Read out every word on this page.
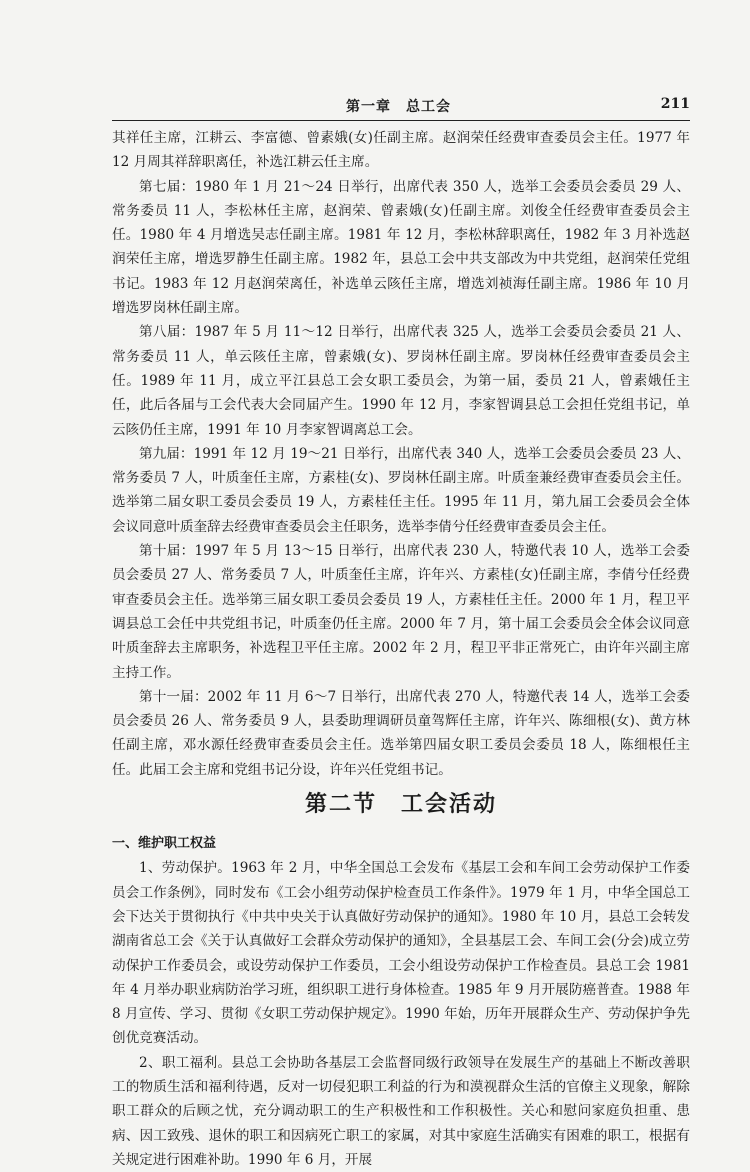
第一章　总工会	211

其祥任主席，江耕云、李富德、曾素娥(女)任副主席。赵润荣任经费审查委员会主任。1977 年 12 月周其祥辞职离任，补选江耕云任主席。

第七届：1980 年 1 月 21～24 日举行，出席代表 350 人，选举工会委员会委员 29 人、常务委员 11 人，李松林任主席，赵润荣、曾素娥(女)任副主席。刘俊全任经费审查委员会主任。1980 年 4 月增选吴志任副主席。1981 年 12 月，李松林辞职离任，1982 年 3 月补选赵润荣任主席，增选罗静生任副主席。1982 年，县总工会中共支部改为中共党组，赵润荣任党组书记。1983 年 12 月赵润荣离任，补选单云陔任主席，增选刘祯海任副主席。1986 年 10 月增选罗岗林任副主席。

第八届：1987 年 5 月 11～12 日举行，出席代表 325 人，选举工会委员会委员 21 人、常务委员 11 人，单云陔任主席，曾素娥(女)、罗岗林任副主席。罗岗林任经费审查委员会主任。1989 年 11 月，成立平江县总工会女职工委员会，为第一届，委员 21 人，曾素娥任主任，此后各届与工会代表大会同届产生。1990 年 12 月，李家智调县总工会担任党组书记，单云陔仍任主席，1991 年 10 月李家智调离总工会。

第九届：1991 年 12 月 19～21 日举行，出席代表 340 人，选举工会委员会委员 23 人、常务委员 7 人，叶质奎任主席，方素桂(女)、罗岗林任副主席。叶质奎兼经费审查委员会主任。选举第二届女职工委员会委员 19 人，方素桂任主任。1995 年 11 月，第九届工会委员会全体会议同意叶质奎辞去经费审查委员会主任职务，选举李倩兮任经费审查委员会主任。

第十届：1997 年 5 月 13～15 日举行，出席代表 230 人，特邀代表 10 人，选举工会委员会委员 27 人、常务委员 7 人，叶质奎任主席，许年兴、方素桂(女)任副主席，李倩兮任经费审查委员会主任。选举第三届女职工委员会委员 19 人，方素桂任主任。2000 年 1 月，程卫平调县总工会任中共党组书记，叶质奎仍任主席。2000 年 7 月，第十届工会委员会全体会议同意叶质奎辞去主席职务，补选程卫平任主席。2002 年 2 月，程卫平非正常死亡，由许年兴副主席主持工作。

第十一届：2002 年 11 月 6～7 日举行，出席代表 270 人，特邀代表 14 人，选举工会委员会委员 26 人、常务委员 9 人，县委助理调研员童驾辉任主席，许年兴、陈细根(女)、黄方林任副主席，邓水源任经费审查委员会主任。选举第四届女职工委员会委员 18 人，陈细根任主任。此届工会主席和党组书记分设，许年兴任党组书记。

第二节　工会活动

一、维护职工权益

1、劳动保护。1963 年 2 月，中华全国总工会发布《基层工会和车间工会劳动保护工作委员会工作条例》，同时发布《工会小组劳动保护检查员工作条件》。1979 年 1 月，中华全国总工会下达关于贯彻执行《中共中央关于认真做好劳动保护的通知》。1980 年 10 月，县总工会转发湖南省总工会《关于认真做好工会群众劳动保护的通知》，全县基层工会、车间工会(分会)成立劳动保护工作委员会，或设劳动保护工作委员，工会小组设劳动保护工作检查员。县总工会 1981 年 4 月举办职业病防治学习班，组织职工进行身体检查。1985 年 9 月开展防癌普查。1988 年 8 月宣传、学习、贯彻《女职工劳动保护规定》。1990 年始，历年开展群众生产、劳动保护争先创优竞赛活动。

2、职工福利。县总工会协助各基层工会监督同级行政领导在发展生产的基础上不断改善职工的物质生活和福利待遇，反对一切侵犯职工利益的行为和漠视群众生活的官僚主义现象，解除职工群众的后顾之忧，充分调动职工的生产积极性和工作积极性。关心和慰问家庭负担重、患病、因工致残、退休的职工和因病死亡职工的家属，对其中家庭生活确实有困难的职工，根据有关规定进行困难补助。1990 年 6 月，开展
